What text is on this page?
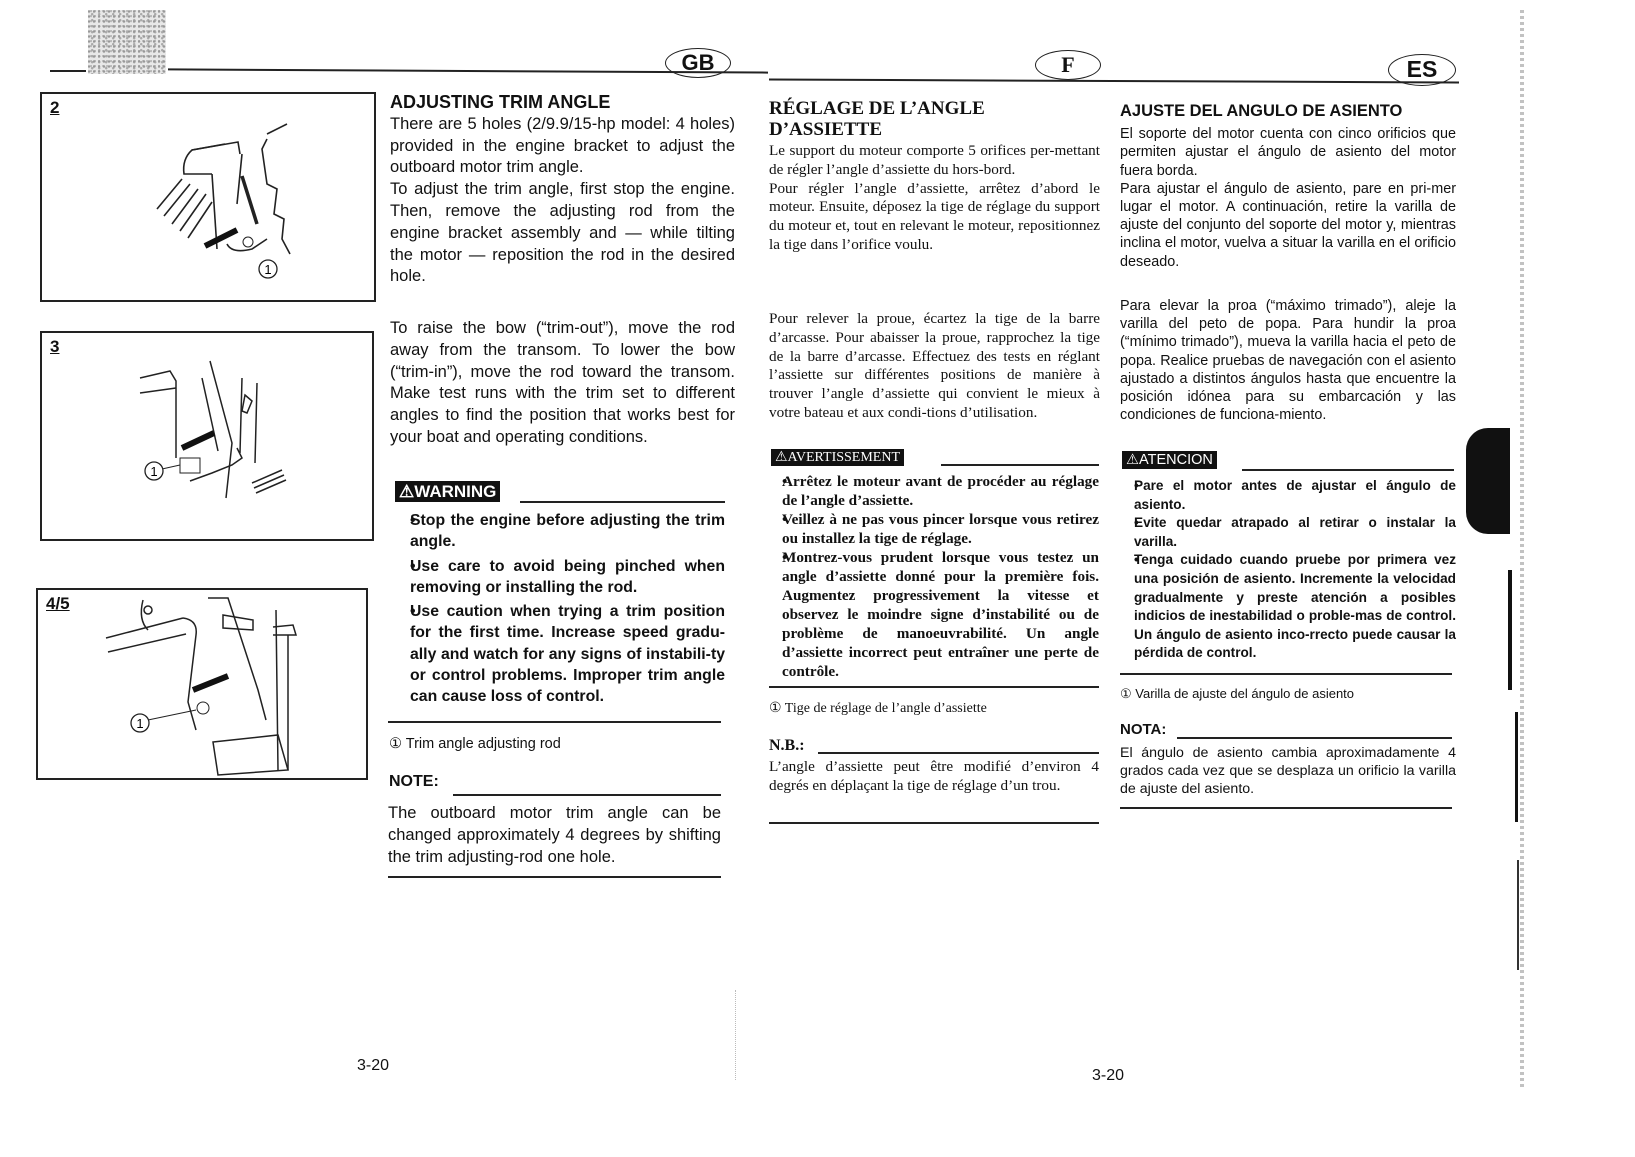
GB	F	ES
2
1
3
1
4/5
1
ADJUSTING TRIM ANGLE

There are 5 holes (2/9.9/15-hp model: 4 holes) provided in the engine bracket to adjust the outboard motor trim angle.

To adjust the trim angle, first stop the engine. Then, remove the adjusting rod from the engine bracket assembly and — while tilting the motor — reposition the rod in the desired hole.

To raise the bow (“trim-out”), move the rod away from the transom. To lower the bow (“trim-in”), move the rod toward the transom. Make test runs with the trim set to different angles to find the position that works best for your boat and operating conditions.

⚠WARNING
• Stop the engine before adjusting the trim angle.
• Use care to avoid being pinched when removing or installing the rod.
• Use caution when trying a trim position for the first time. Increase speed gradu-ally and watch for any signs of instabili-ty or control problems. Improper trim angle can cause loss of control.
① Trim angle adjusting rod
NOTE:
The outboard motor trim angle can be changed approximately 4 degrees by shifting the trim adjusting-rod one hole.
3-20
RÉGLAGE DE L’ANGLE
D’ASSIETTE

Le support du moteur comporte 5 orifices per-mettant de régler l’angle d’assiette du hors-bord.

Pour régler l’angle d’assiette, arrêtez d’abord le moteur. Ensuite, déposez la tige de réglage du support du moteur et, tout en relevant le moteur, repositionnez la tige dans l’orifice voulu.

Pour relever la proue, écartez la tige de la barre d’arcasse. Pour abaisser la proue, rapprochez la tige de la barre d’arcasse. Effectuez des tests en réglant l’assiette sur différentes positions de manière à trouver l’angle d’assiette qui convient le mieux à votre bateau et aux condi-tions d’utilisation.

⚠AVERTISSEMENT
• Arrêtez le moteur avant de procéder au réglage de l’angle d’assiette.
• Veillez à ne pas vous pincer lorsque vous retirez ou installez la tige de réglage.
• Montrez-vous prudent lorsque vous testez un angle d’assiette donné pour la première fois. Augmentez progressivement la vitesse et observez le moindre signe d’instabilité ou de problème de manoeuvrabilité. Un angle d’assiette incorrect peut entraîner une perte de contrôle.
① Tige de réglage de l’angle d’assiette
N.B.:
L’angle d’assiette peut être modifié d’environ 4 degrés en déplaçant la tige de réglage d’un trou.
3-20
AJUSTE DEL ANGULO DE ASIENTO

El soporte del motor cuenta con cinco orificios que permiten ajustar el ángulo de asiento del motor fuera borda.

Para ajustar el ángulo de asiento, pare en pri-mer lugar el motor. A continuación, retire la varilla de ajuste del conjunto del soporte del motor y, mientras inclina el motor, vuelva a situar la varilla en el orificio deseado.

Para elevar la proa (“máximo trimado”), aleje la varilla del peto de popa. Para hundir la proa (“mínimo trimado”), mueva la varilla hacia el peto de popa. Realice pruebas de navegación con el asiento ajustado a distintos ángulos hasta que encuentre la posición idónea para su embarcación y las condiciones de funciona-miento.

⚠ATENCION
• Pare el motor antes de ajustar el ángulo de asiento.
• Evite quedar atrapado al retirar o instalar la varilla.
• Tenga cuidado cuando pruebe por primera vez una posición de asiento. Incremente la velocidad gradualmente y preste atención a posibles indicios de inestabilidad o proble-mas de control. Un ángulo de asiento inco-rrecto puede causar la pérdida de control.
① Varilla de ajuste del ángulo de asiento
NOTA:
El ángulo de asiento cambia aproximadamente 4 grados cada vez que se desplaza un orificio la varilla de ajuste del asiento.
